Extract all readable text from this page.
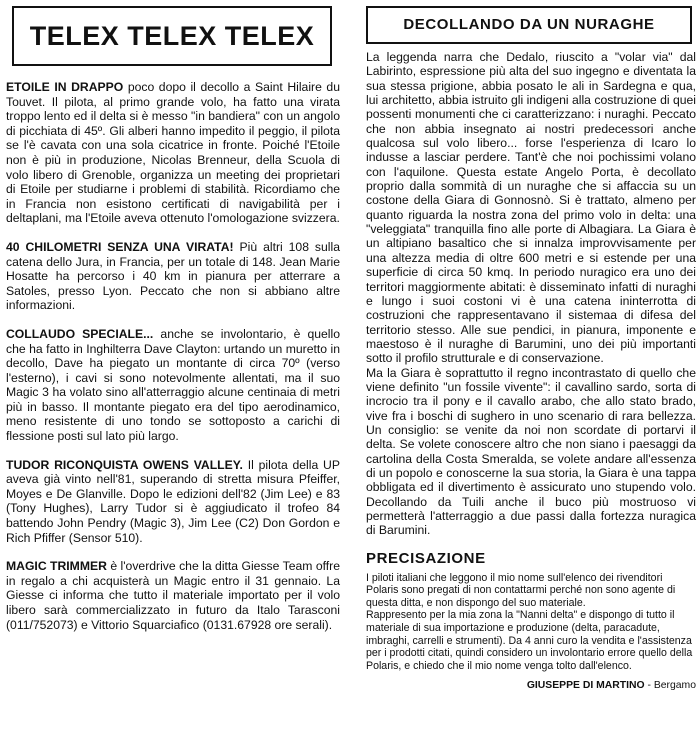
TELEX TELEX TELEX

ETOILE IN DRAPPO poco dopo il decollo a Saint Hilaire du Touvet. Il pilota, al primo grande volo, ha fatto una virata troppo lento ed il delta si è messo "in bandiera" con un angolo di picchiata di 45º. Gli alberi hanno impedito il peggio, il pilota se l'è cavata con una sola cicatrice in fronte. Poiché l'Etoile non è più in produzione, Nicolas Brenneur, della Scuola di volo libero di Grenoble, organizza un meeting dei proprietari di Etoile per studiarne i problemi di stabilità. Ricordiamo che in Francia non esistono certificati di navigabilità per i deltaplani, ma l'Etoile aveva ottenuto l'omologazione svizzera.

40 CHILOMETRI SENZA UNA VIRATA! Più altri 108 sulla catena dello Jura, in Francia, per un totale di 148. Jean Marie Hosatte ha percorso i 40 km in pianura per atterrare a Satoles, presso Lyon. Peccato che non si abbiano altre informazioni.

COLLAUDO SPECIALE... anche se involontario, è quello che ha fatto in Inghilterra Dave Clayton: urtando un muretto in decollo, Dave ha piegato un montante di circa 70º (verso l'esterno), i cavi si sono notevolmente allentati, ma il suo Magic 3 ha volato sino all'atterraggio alcune centinaia di metri più in basso. Il montante piegato era del tipo aerodinamico, meno resistente di uno tondo se sottoposto a carichi di flessione posti sul lato più largo.

TUDOR RICONQUISTA OWENS VALLEY. Il pilota della UP aveva già vinto nell'81, superando di stretta misura Pfeiffer, Moyes e De Glanville. Dopo le edizioni dell'82 (Jim Lee) e 83 (Tony Hughes), Larry Tudor si è aggiudicato il trofeo 84 battendo John Pendry (Magic 3), Jim Lee (C2) Don Gordon e Rich Pfiffer (Sensor 510).

MAGIC TRIMMER è l'overdrive che la ditta Giesse Team offre in regalo a chi acquisterà un Magic entro il 31 gennaio. La Giesse ci informa che tutto il materiale importato per il volo libero sarà commercializzato in futuro da Italo Tarasconi (011/752073) e Vittorio Squarciafico (0131.67928 ore serali).

DECOLLANDO DA UN NURAGHE

La leggenda narra che Dedalo, riuscito a "volar via" dal Labirinto, espressione più alta del suo ingegno e diventata la sua stessa prigione, abbia posato le ali in Sardegna e qua, lui architetto, abbia istruito gli indigeni alla costruzione di quei possenti monumenti che ci caratterizzano: i nuraghi. Peccato che non abbia insegnato ai nostri predecessori anche qualcosa sul volo libero... forse l'esperienza di Icaro lo indusse a lasciar perdere. Tant'è che noi pochissimi volano con l'aquilone. Questa estate Angelo Porta, è decollato proprio dalla sommità di un nuraghe che si affaccia su un costone della Giara di Gonnosnò. Si è trattato, almeno per quanto riguarda la nostra zona del primo volo in delta: una "veleggiata" tranquilla fino alle porte di Albagiara. La Giara è un altipiano basaltico che si innalza improvvisamente per una altezza media di oltre 600 metri e si estende per una superficie di circa 50 kmq. In periodo nuragico era uno dei territori maggiormente abitati: è disseminato infatti di nuraghi e lungo i suoi costoni vi è una catena ininterrotta di costruzioni che rappresentavano il sistemaa di difesa del territorio stesso. Alle sue pendici, in pianura, imponente e maestoso è il nuraghe di Barumini, uno dei più importanti sotto il profilo strutturale e di conservazione.

Ma la Giara è soprattutto il regno incontrastato di quello che viene definito "un fossile vivente": il cavallino sardo, sorta di incrocio tra il pony e il cavallo arabo, che allo stato brado, vive fra i boschi di sughero in uno scenario di rara bellezza. Un consiglio: se venite da noi non scordate di portarvi il delta. Se volete conoscere altro che non siano i paesaggi da cartolina della Costa Smeralda, se volete andare all'essenza di un popolo e conoscerne la sua storia, la Giara è una tappa obbligata ed il divertimento è assicurato uno stupendo volo. Decollando da Tuili anche il buco più mostruoso vi permetterà l'atterraggio a due passi dalla fortezza nuragica di Barumini.

PRECISAZIONE

I piloti italiani che leggono il mio nome sull'elenco dei rivenditori Polaris sono pregati di non contattarmi perché non sono agente di

questa ditta, e non dispongo del suo materiale.

Rappresento per la mia zona la "Nanni delta" e dispongo di tutto il materiale di sua importazione e produzione (delta, paracadute, imbraghi, carrelli e strumenti). Da 4 anni curo la vendita e l'assistenza per i prodotti citati, quindi considero un involontario errore quello della Polaris, e chiedo che il mio nome venga tolto dall'elenco.

GIUSEPPE DI MARTINO - Bergamo
